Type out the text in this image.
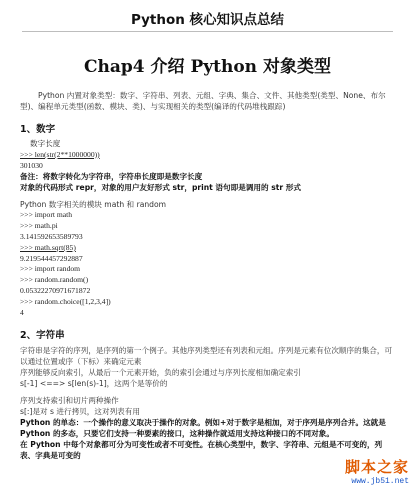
Python 核心知识点总结
Chap4 介绍 Python 对象类型

Python 内置对象类型：数字、字符串、列表、元组、字典、集合、文件、其他类型(类型、None、布尔型)、编程单元类型(函数、模块、类)、与实现相关的类型(编译的代码堆栈跟踪)

1、数字

数字长度

>>> len(str(2**1000000))

301030

备注：将数字转化为字符串，字符串长度即是数字长度

对象的代码形式 repr，对象的用户友好形式 str，print 语句即是调用的 str 形式

Python 数字相关的模块 math 和 random

>>> import math

>>> math.pi

3.141592653589793

>>> math.sqrt(85)

9.219544457292887

>>> import random

>>> random.random()

0.0532227097167187​2

>>> random.choice([1,2,3,4])

4

2、字符串

字符串是字符的序列，是序列的第一个例子。其他序列类型还有列表和元组。序列是元素有位次顺序的集合，可以通过位置或序（下标）来确定元素

序列能够反向索引，从最后一个元素开始，负的索引会通过与序列长度相加确定索引

s[-1] <==> s[len(s)-1]，这两个是等价的

序列支持索引和切片两种操作

s[:]是对 s 进行拷贝，这对列表有用

Python 的单态：一个操作的意义取决于操作的对象。例如+对于数字是相加，对于序列是序列合并。这就是 Python 的多态，只要它们支持一种要素的接口，这种操作就适用支持这种接口的不同对象。

在 Python 中每个对象都可分为可变性或者不可变性。在核心类型中，数字、字符串、元组是不可变的，列表、字典是可变的

脚本之家
www.jb51.net
